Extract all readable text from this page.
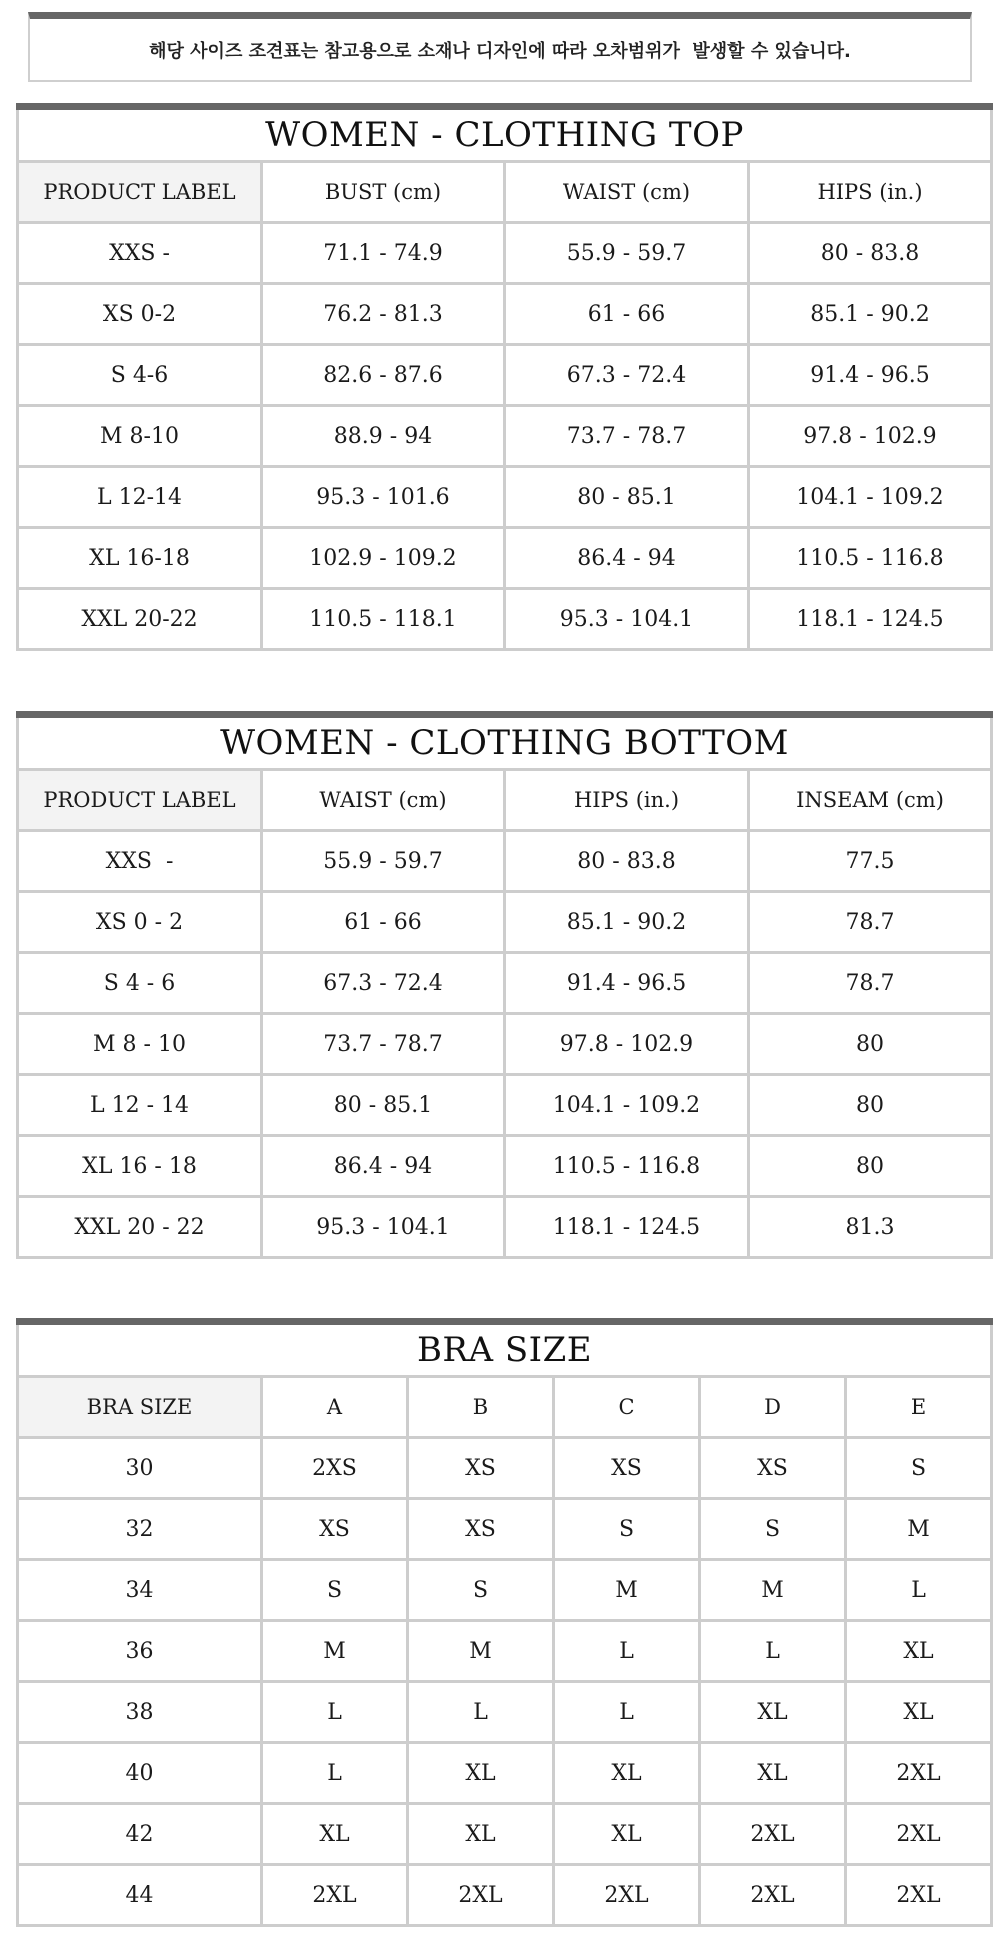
해당 사이즈 조견표는 참고용으로 소재나 디자인에 따라 오차범위가  발생할 수 있습니다.
WOMEN - CLOTHING TOP			
PRODUCT LABEL	BUST (cm)	WAIST (cm)	HIPS (in.)
XXS -	71.1 - 74.9	55.9 - 59.7	80 - 83.8
XS 0-2	76.2 - 81.3	61 - 66	85.1 - 90.2
S 4-6	82.6 - 87.6	67.3 - 72.4	91.4 - 96.5
M 8-10	88.9 - 94	73.7 - 78.7	97.8 - 102.9
L 12-14	95.3 - 101.6	80 - 85.1	104.1 - 109.2
XL 16-18	102.9 - 109.2	86.4 - 94	110.5 - 116.8
XXL 20-22	110.5 - 118.1	95.3 - 104.1	118.1 - 124.5
WOMEN - CLOTHING BOTTOM			
PRODUCT LABEL	WAIST (cm)	HIPS (in.)	INSEAM (cm)
XXS  -	55.9 - 59.7	80 - 83.8	77.5
XS 0 - 2	61 - 66	85.1 - 90.2	78.7
S 4 - 6	67.3 - 72.4	91.4 - 96.5	78.7
M 8 - 10	73.7 - 78.7	97.8 - 102.9	80
L 12 - 14	80 - 85.1	104.1 - 109.2	80
XL 16 - 18	86.4 - 94	110.5 - 116.8	80
XXL 20 - 22	95.3 - 104.1	118.1 - 124.5	81.3
BRA SIZE					
BRA SIZE	A	B	C	D	E
30	2XS	XS	XS	XS	S
32	XS	XS	S	S	M
34	S	S	M	M	L
36	M	M	L	L	XL
38	L	L	L	XL	XL
40	L	XL	XL	XL	2XL
42	XL	XL	XL	2XL	2XL
44	2XL	2XL	2XL	2XL	2XL
